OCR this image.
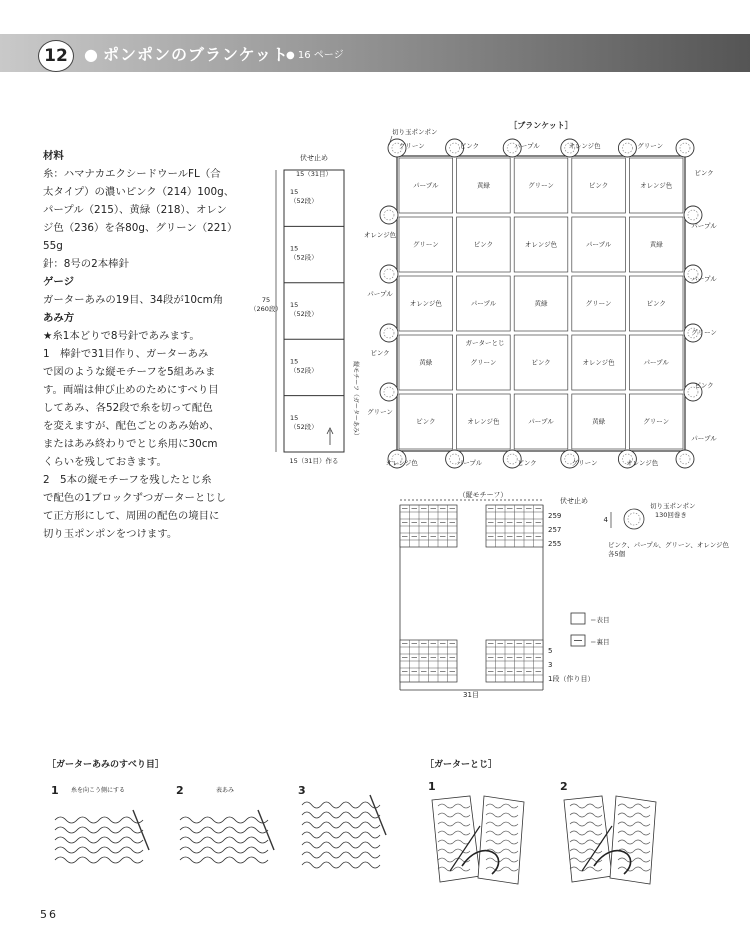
12	● ポンポンのブランケット
● 16 ページ

材料

糸：ハマナカエクシードウールFL（合

太タイプ）の濃いピンク（214）100g、

パープル（215）、黄緑（218）、オレン

ジ色（236）を各80g、グリーン（221）

55g

針：8号の2本棒針

ゲージ

ガーターあみの19目、34段が10cm角

あみ方

★糸1本どりで8号針であみます。

1　棒針で31目作り、ガーターあみ

で図のような縦モチーフを5組あみま

す。両端は伸び止めのためにすべり目

してあみ、各52段で糸を切って配色

を変えますが、配色ごとのあみ始め、

またはあみ終わりでとじ糸用に30cm

くらいを残しておきます。

2　5本の縦モチーフを残したとじ糸

で配色の1ブロックずつガーターとじし

て正方形にして、周囲の配色の境目に

切り玉ポンポンをつけます。

伏せ止め
15（31目）
15
（52段）
15
（52段）
15
（52段）
15
（52段）
15
（52段）
75
（260段）
縦モチーフ（ガーターあみ）
15（31目）作る
［ブランケット］
パープル	黄緑	グリーン	ピンク	オレンジ色
グリーン	ピンク	オレンジ色	パープル	黄緑
オレンジ色	パープル	黄緑	グリーン	ピンク
黄緑	グリーン	ピンク	オレンジ色	パープル
ピンク	オレンジ色	パープル	黄緑	グリーン
ガーターとじ
切り玉ポンポン
グリーン	ピンク	パープル	オレンジ色	グリーン
オレンジ色	パープル	ピンク	グリーン	オレンジ色
オレンジ色
パープル
ピンク
グリーン
ピンク
パープル
パープル
グリーン
ピンク
パープル
（縦モチーフ）
伏せ止め
259
257
255
5
3
1段（作り目）
31目
＝表目
＝裏目
切り玉ポンポン
130回巻き
4
ピンク、パープル、グリーン、オレンジ色
各5個
［ガーターあみのすべり目］
1 糸を向こう側にする	2	表あみ	3
［ガーターとじ］
1	2
56
